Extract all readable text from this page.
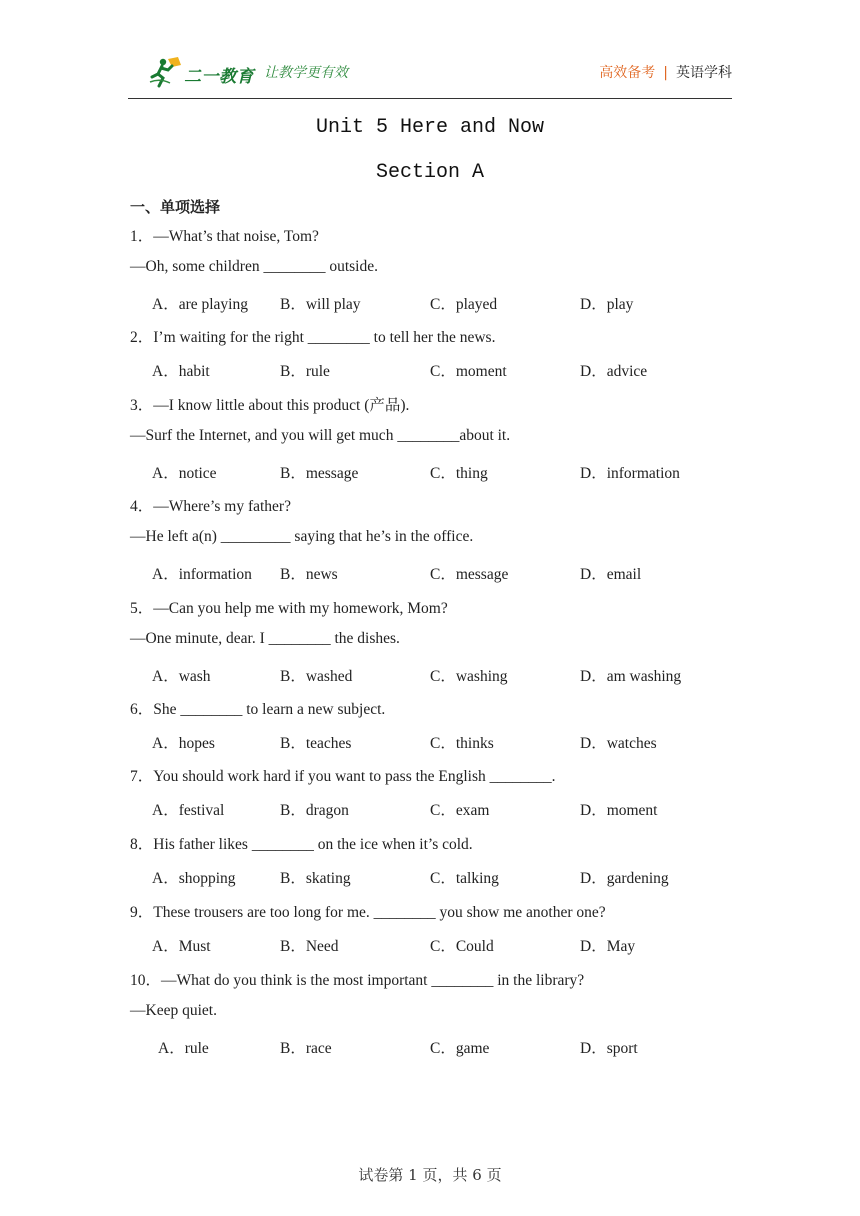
二一教育 让教学更有效	高效备考 | 英语学科
Unit 5 Here and Now
Section A
一、单项选择
1．—What’s that noise, Tom?
—Oh, some children ________ outside.
A．are playing B．will play	C．played	D．play
2．I’m waiting for the right ________ to tell her the news.
A．habit	B．rule	C．moment	D．advice
3．—I know little about this product (产品).
—Surf the Internet, and you will get much ________about it.
A．notice	B．message	C．thing	D．information
4．—Where’s my father?
—He left a(n) _________ saying that he’s in the office.
A．information B．news	C．message	D．email
5．—Can you help me with my homework, Mom?
—One minute, dear. I ________ the dishes.
A．wash	B．washed	C．washing	D．am washing
6．She ________ to learn a new subject.
A．hopes	B．teaches	C．thinks	D．watches
7．You should work hard if you want to pass the English ________.
A．festival	B．dragon	C．exam	D．moment
8．His father likes ________ on the ice when it’s cold.
A．shopping	B．skating	C．talking	D．gardening
9．These trousers are too long for me. ________ you show me another one?
A．Must	B．Need	C．Could	D．May
10．—What do you think is the most important ________ in the library?
—Keep quiet.
A．rule	B．race	C．game	D．sport
试卷第 1 页，共 6 页
